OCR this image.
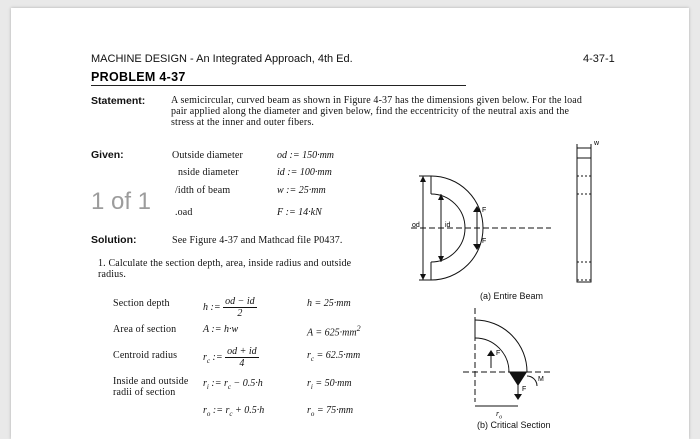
MACHINE DESIGN - An Integrated Approach, 4th Ed.	4-37-1
PROBLEM 4-37
Statement:	A semicircular, curved beam as shown in Figure 4-37 has the dimensions given below. For the load pair applied along the diameter and given below, find the eccentricity of the neutral axis and the stress at the inner and outer fibers.
Given:	Outside diameter	od := 150·mm
nside diameter	id := 100·mm
/idth of beam	w := 25·mm
.oad	F := 14·kN
1 of 1
Solution:	See Figure 4-37 and Mathcad file P0437.
1. Calculate the section depth, area, inside radius and outside radius.
Section depth	h := $\frac{od - id}{2}$	h = 25·mm
Area of section	A := h·w	$A = 625\cdot mm^2$
Centroid radius	$r_c$ := $\frac{od + id}{4}$	$r_c = 62.5\cdot mm$
Inside and outside radii of section
$r_i$ := $r_c - 0.5\cdot h$	$r_i = 50\cdot mm$
$r_o$ := $r_c + 0.5\cdot h$	$r_o = 75\cdot mm$
od	id
F
F
w
(a) Entire Beam
F
M
F
$r_o$
(b) Critical Section
